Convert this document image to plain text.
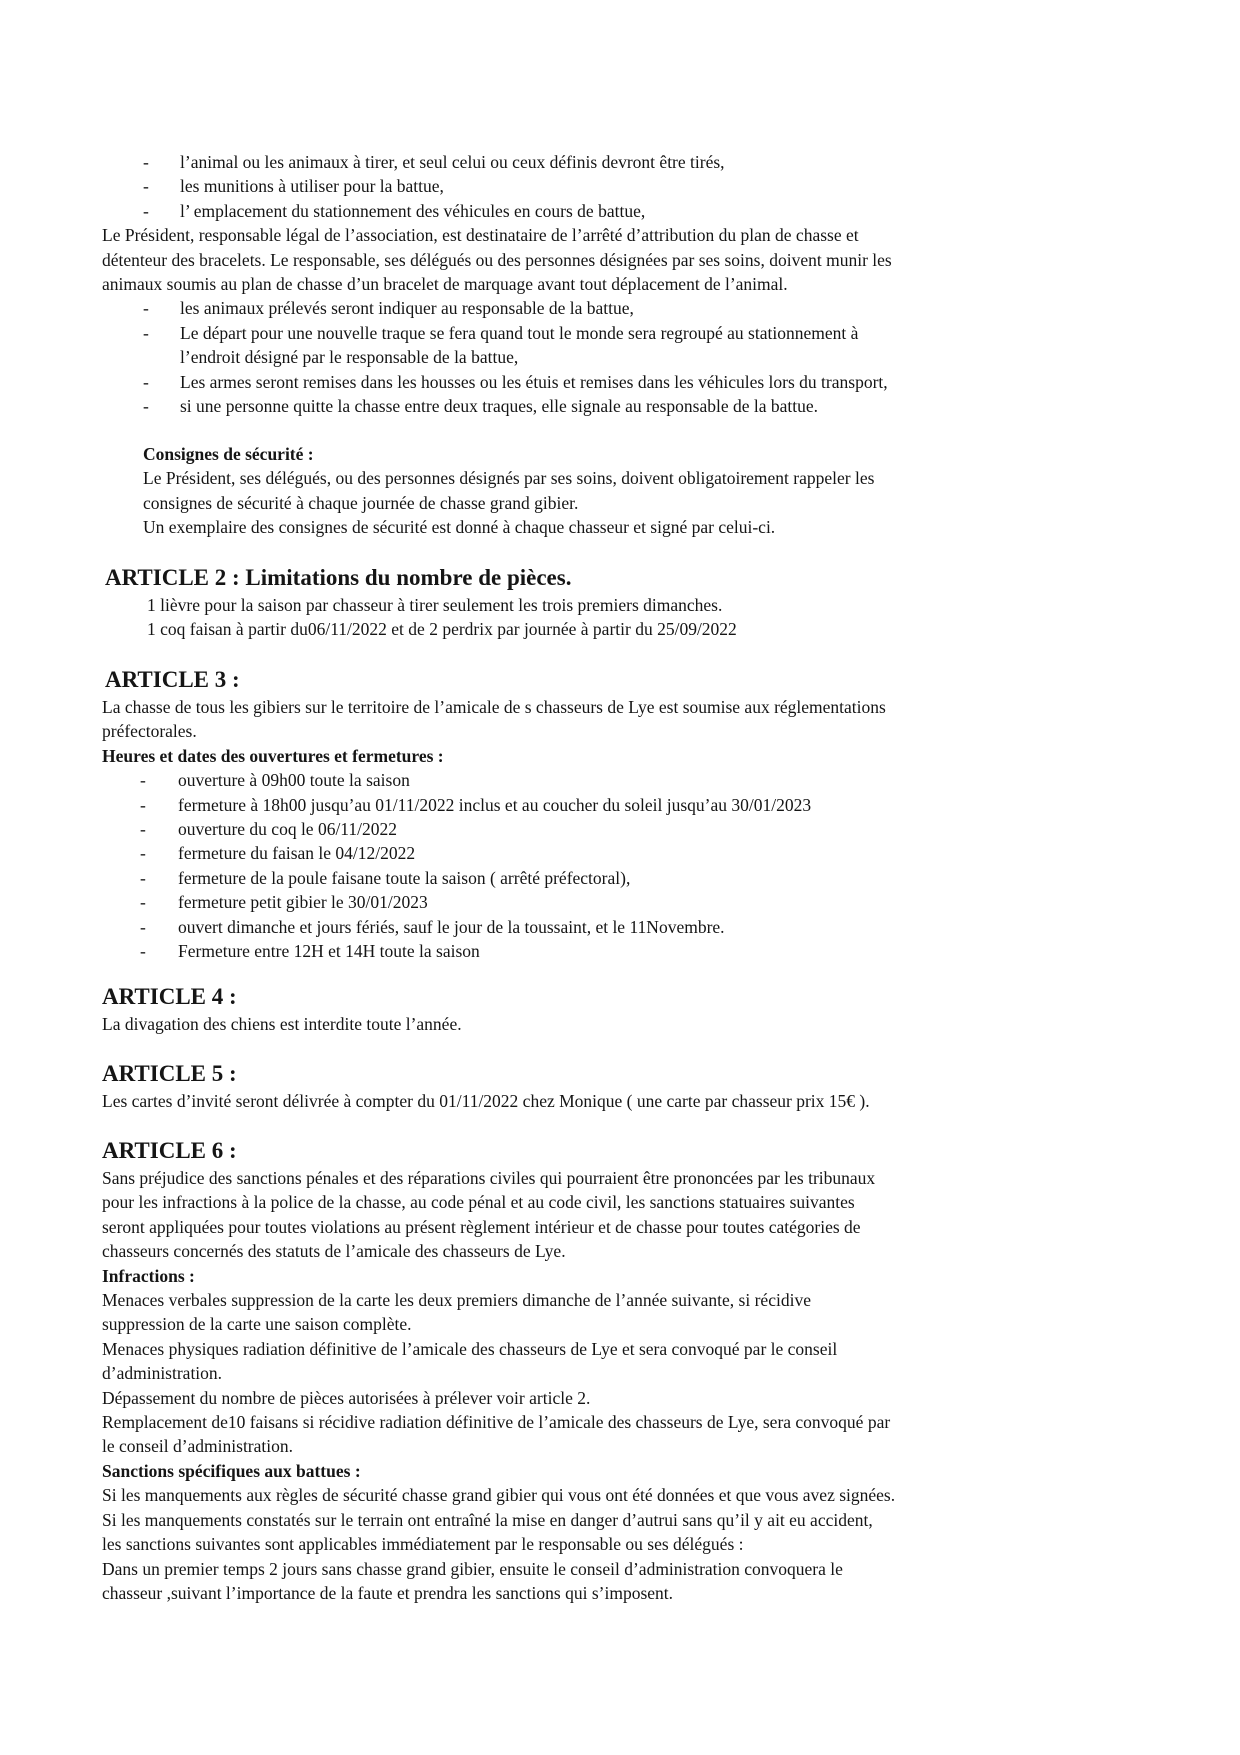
- l’animal ou les animaux à tirer, et seul celui ou ceux définis devront être tirés,
- les munitions à utiliser pour la battue,
- l’ emplacement du stationnement des véhicules en cours de battue,

Le Président, responsable légal de l’association, est destinataire de l’arrêté d’attribution du plan de chasse et

détenteur des bracelets. Le responsable, ses délégués ou des personnes désignées par ses soins, doivent munir les

animaux soumis au plan de chasse d’un bracelet de marquage avant tout déplacement de l’animal.

- les animaux prélevés seront indiquer au responsable de la battue,
- Le départ pour une nouvelle traque se fera quand tout le monde sera regroupé au stationnement à
l’endroit désigné par le responsable de la battue,
- Les armes seront remises dans les housses ou les étuis et remises dans les véhicules lors du transport,
- si une personne quitte la chasse entre deux traques, elle signale au responsable de la battue.

Consignes de sécurité :

Le Président, ses délégués, ou des personnes désignés par ses soins, doivent obligatoirement rappeler les

consignes de sécurité à chaque journée de chasse grand gibier.

Un exemplaire des consignes de sécurité est donné à chaque chasseur et signé par celui-ci.

ARTICLE 2 : Limitations du nombre de pièces.

1 lièvre pour la saison par chasseur à tirer seulement les trois premiers dimanches.

1 coq faisan à partir du06/11/2022 et de 2 perdrix par journée à partir du 25/09/2022

ARTICLE 3 :

La chasse de tous les gibiers sur le territoire de l’amicale de s chasseurs de Lye est soumise aux réglementations

préfectorales.

Heures et dates des ouvertures et fermetures :

- ouverture à 09h00 toute la saison
- fermeture à 18h00 jusqu’au 01/11/2022 inclus et au coucher du soleil jusqu’au 30/01/2023
- ouverture du coq le 06/11/2022
- fermeture du faisan le 04/12/2022
- fermeture de la poule faisane toute la saison ( arrêté préfectoral),
- fermeture petit gibier le 30/01/2023
- ouvert dimanche et jours fériés, sauf le jour de la toussaint, et le 11Novembre.
- Fermeture entre 12H et 14H toute la saison

ARTICLE 4 :

La divagation des chiens est interdite toute l’année.

ARTICLE 5 :

Les cartes d’invité seront délivrée à compter du 01/11/2022 chez Monique ( une carte par chasseur prix 15€ ).

ARTICLE 6 :

Sans préjudice des sanctions pénales et des réparations civiles qui pourraient être prononcées par les tribunaux

pour les infractions à la police de la chasse, au code pénal et au code civil, les sanctions statuaires suivantes

seront appliquées pour toutes violations au présent règlement intérieur et de chasse pour toutes catégories de

chasseurs concernés des statuts de l’amicale des chasseurs de Lye.

Infractions :

Menaces verbales suppression de la carte les deux premiers dimanche de l’année suivante, si récidive

suppression de la carte une saison complète.

Menaces physiques radiation définitive de l’amicale des chasseurs de Lye et sera convoqué par le conseil

d’administration.

Dépassement du nombre de pièces autorisées à prélever voir article 2.

Remplacement de10 faisans si récidive radiation définitive de l’amicale des chasseurs de Lye, sera convoqué par

le conseil d’administration.

Sanctions spécifiques aux battues :

Si les manquements aux règles de sécurité chasse grand gibier qui vous ont été données et que vous avez signées.

Si les manquements constatés sur le terrain ont entraîné la mise en danger d’autrui sans qu’il y ait eu accident,

les sanctions suivantes sont applicables immédiatement par le responsable ou ses délégués :

Dans un premier temps 2 jours sans chasse grand gibier, ensuite le conseil d’administration convoquera le

chasseur ,suivant l’importance de la faute et prendra les sanctions qui s’imposent.
